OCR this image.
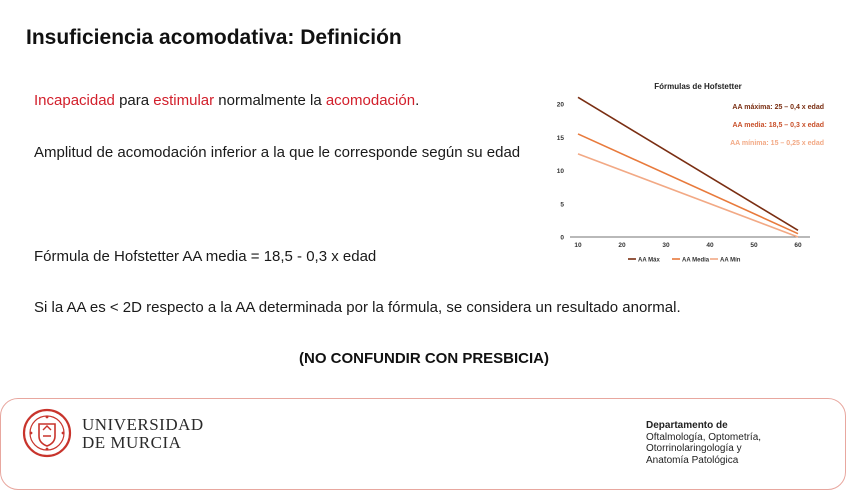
Insuficiencia acomodativa: Definición
Incapacidad para estimular normalmente la acomodación.
Amplitud de acomodación inferior a la que le corresponde según su edad
Fórmula de Hofstetter AA media = 18,5 - 0,3 x edad
Si la AA es < 2D respecto a la AA determinada por la fórmula, se considera un resultado anormal.
(NO CONFUNDIR CON PRESBICIA)
Fórmulas de Hofstetter
0
5
10
15
20
10	20	30	40	50	60
AA máxima: 25 – 0,4 x edad
AA media: 18,5 – 0,3 x edad
AA mínima: 15 – 0,25 x edad
AA Máx	AA Media AA Mín
UNIVERSIDAD
DE MURCIA
Departamento de
Oftalmología, Optometría,
Otorrinolaringología y
Anatomía Patológica
